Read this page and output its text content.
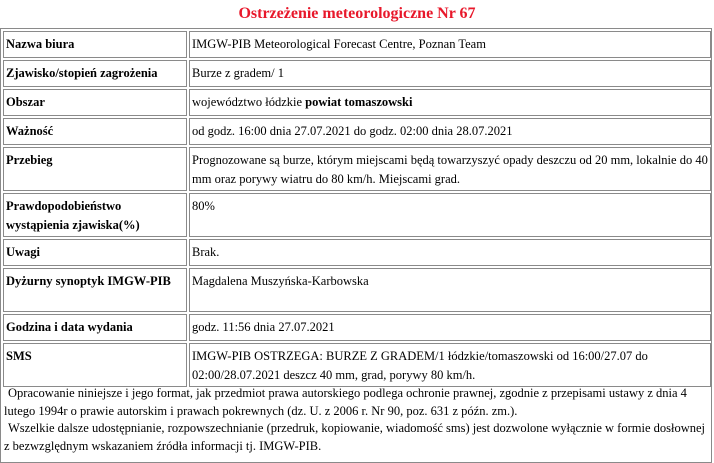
Ostrzeżenie meteorologiczne Nr 67
Nazwa biura	IMGW-PIB Meteorological Forecast Centre, Poznan Team
Zjawisko/stopień zagrożenia	Burze z gradem/ 1
Obszar	województwo łódzkie powiat tomaszowski
Ważność	od godz. 16:00 dnia 27.07.2021 do godz. 02:00 dnia 28.07.2021
Przebieg	Prognozowane są burze, którym miejscami będą towarzyszyć opady deszczu od 20 mm, lokalnie do 40 mm oraz porywy wiatru do 80 km/h. Miejscami grad.
Prawdopodobieństwo wystąpienia zjawiska(%)	80%
Uwagi	Brak.
Dyżurny synoptyk IMGW-PIB	Magdalena Muszyńska-Karbowska
Godzina i data wydania	godz. 11:56 dnia 27.07.2021
SMS	IMGW-PIB OSTRZEGA: BURZE Z GRADEM/1 łódzkie/tomaszowski od 16:00/27.07 do 02:00/28.07.2021 deszcz 40 mm, grad, porywy 80 km/h.

Opracowanie niniejsze i jego format, jak przedmiot prawa autorskiego podlega ochronie prawnej, zgodnie z przepisami ustawy z dnia 4 lutego 1994r o prawie autorskim i prawach pokrewnych (dz. U. z 2006 r. Nr 90, poz. 631 z późn. zm.).

Wszelkie dalsze udostępnianie, rozpowszechnianie (przedruk, kopiowanie, wiadomość sms) jest dozwolone wyłącznie w formie dosłownej z bezwzględnym wskazaniem źródła informacji tj. IMGW-PIB.
